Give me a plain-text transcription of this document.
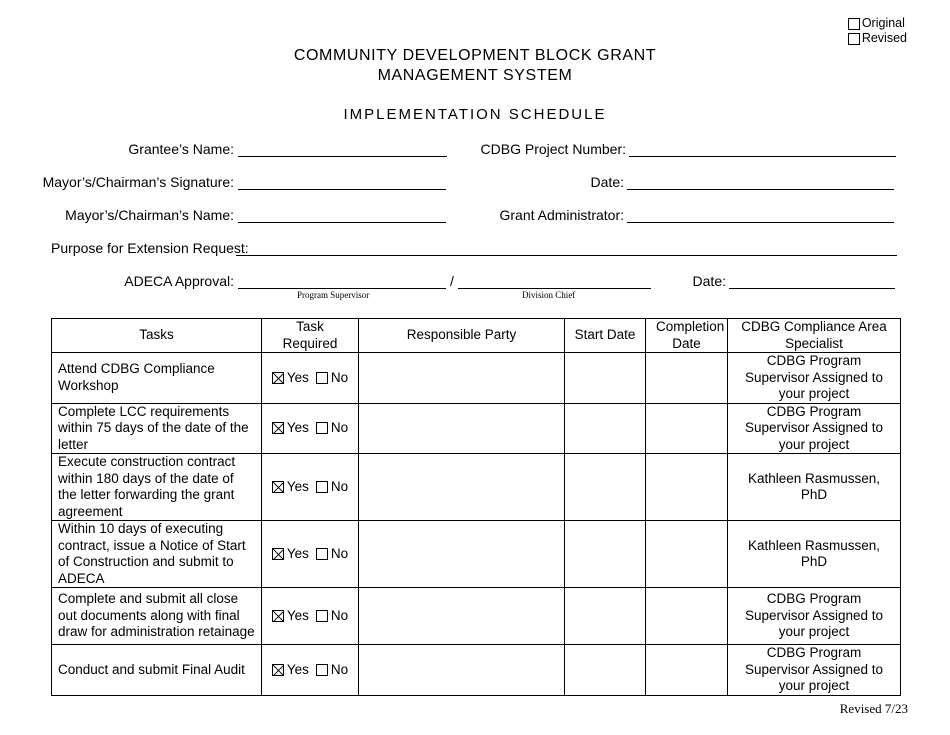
Original
Revised
COMMUNITY DEVELOPMENT BLOCK GRANT
MANAGEMENT SYSTEM
IMPLEMENTATION SCHEDULE
Grantee’s Name:	CDBG Project Number:
Mayor’s/Chairman’s Signature:	Date:
Mayor’s/Chairman’s Name:	Grant Administrator:
Purpose for Extension Request:
ADECA Approval:	/
Program Supervisor	Division Chief
Date:
Tasks	Task Required	Responsible Party	Start Date	Completion Date	CDBG Compliance Area Specialist
Attend CDBG Compliance Workshop	Yes No				CDBG Program Supervisor Assigned to your project
Complete LCC requirements within 75 days of the date of the letter	Yes No				CDBG Program Supervisor Assigned to your project
Execute construction contract within 180 days of the date of the letter forwarding the grant agreement	Yes No				Kathleen Rasmussen, PhD
Within 10 days of executing contract, issue a Notice of Start of Construction and submit to ADECA	Yes No				Kathleen Rasmussen, PhD
Complete and submit all close out documents along with final draw for administration retainage	Yes No				CDBG Program Supervisor Assigned to your project
Conduct and submit Final Audit	Yes No				CDBG Program Supervisor Assigned to your project
Revised 7/23
